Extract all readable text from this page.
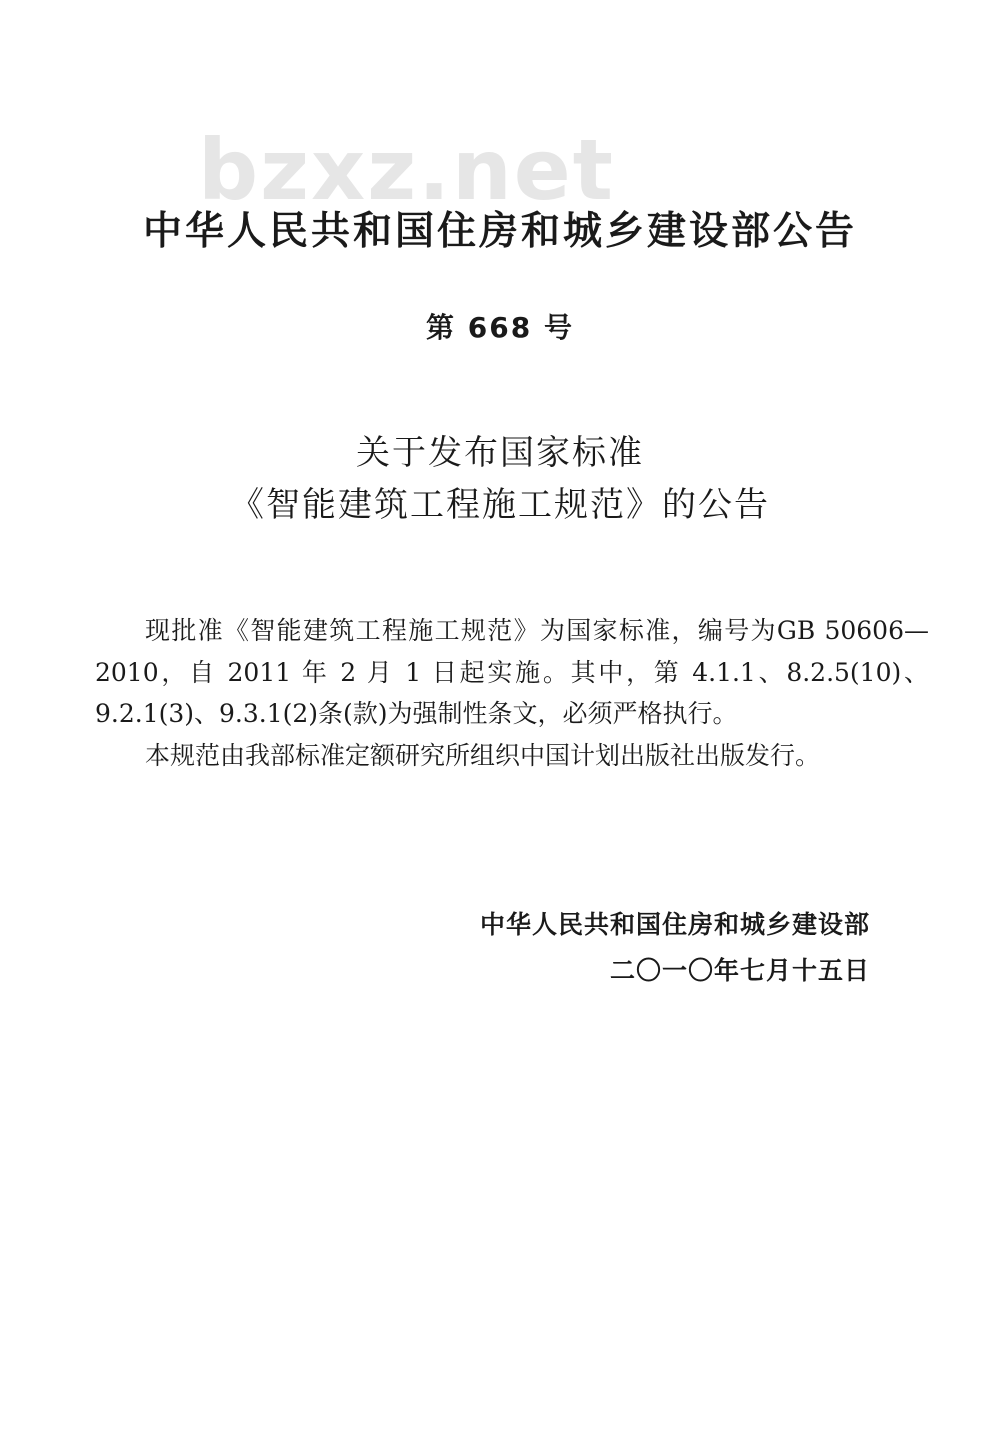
bzxz.net
中华人民共和国住房和城乡建设部公告
第 668 号
关于发布国家标准
《智能建筑工程施工规范》的公告

现批准《智能建筑工程施工规范》为国家标准，编号为GB 50606—2010，自 2011 年 2 月 1 日起实施。其中，第 4.1.1、8.2.5(10)、9.2.1(3)、9.3.1(2)条(款)为强制性条文，必须严格执行。

本规范由我部标准定额研究所组织中国计划出版社出版发行。

中华人民共和国住房和城乡建设部
二〇一〇年七月十五日
